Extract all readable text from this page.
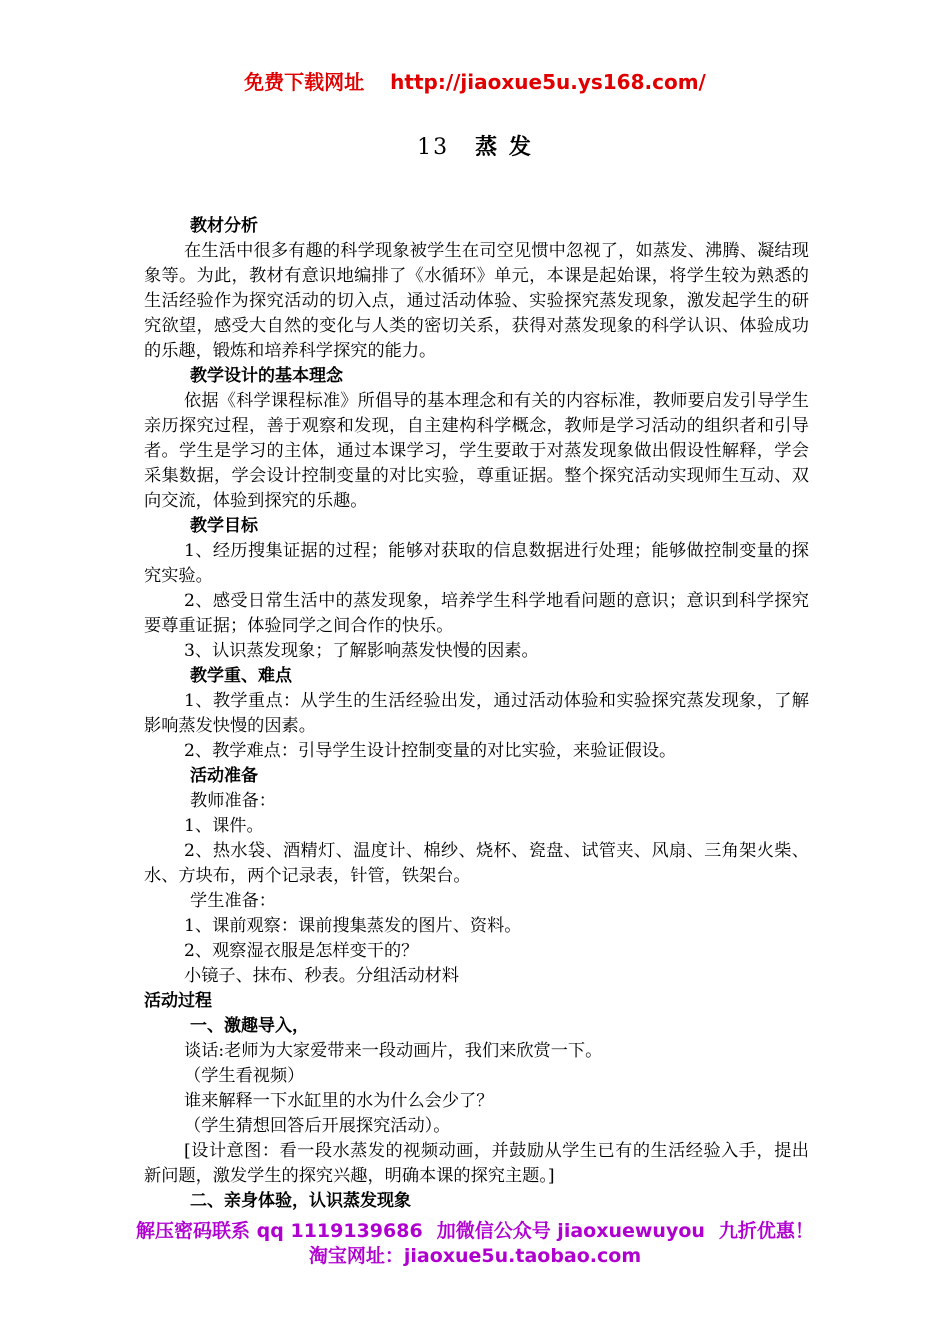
免费下载网址 http://jiaoxue5u.ys168.com/
13 蒸 发

教材分析

在生活中很多有趣的科学现象被学生在司空见惯中忽视了，如蒸发、沸腾、凝结现象等。为此，教材有意识地编排了《水循环》单元，本课是起始课，将学生较为熟悉的生活经验作为探究活动的切入点，通过活动体验、实验探究蒸发现象，激发起学生的研究欲望，感受大自然的变化与人类的密切关系，获得对蒸发现象的科学认识、体验成功的乐趣，锻炼和培养科学探究的能力。

教学设计的基本理念

依据《科学课程标准》所倡导的基本理念和有关的内容标准，教师要启发引导学生亲历探究过程，善于观察和发现，自主建构科学概念，教师是学习活动的组织者和引导者。学生是学习的主体，通过本课学习，学生要敢于对蒸发现象做出假设性解释，学会采集数据，学会设计控制变量的对比实验，尊重证据。整个探究活动实现师生互动、双向交流，体验到探究的乐趣。

教学目标

1、经历搜集证据的过程；能够对获取的信息数据进行处理；能够做控制变量的探究实验。

2、感受日常生活中的蒸发现象，培养学生科学地看问题的意识；意识到科学探究要尊重证据；体验同学之间合作的快乐。

3、认识蒸发现象；了解影响蒸发快慢的因素。

教学重、难点

1、教学重点：从学生的生活经验出发，通过活动体验和实验探究蒸发现象，了解影响蒸发快慢的因素。

2、教学难点：引导学生设计控制变量的对比实验，来验证假设。

活动准备

教师准备：

1、课件。

2、热水袋、酒精灯、温度计、棉纱、烧杯、瓷盘、试管夹、风扇、三角架火柴、水、方块布，两个记录表，针管，铁架台。

学生准备：

1、课前观察：课前搜集蒸发的图片、资料。

2、观察湿衣服是怎样变干的？

小镜子、抹布、秒表。分组活动材料

活动过程

一、激趣导入，

谈话:老师为大家爱带来一段动画片，我们来欣赏一下。

（学生看视频）

谁来解释一下水缸里的水为什么会少了？

（学生猜想回答后开展探究活动）。

[设计意图：看一段水蒸发的视频动画，并鼓励从学生已有的生活经验入手，提出新问题，激发学生的探究兴趣，明确本课的探究主题。]

二、亲身体验，认识蒸发现象

解压密码联系 qq 1119139686 加微信公众号 jiaoxuewuyou 九折优惠！
淘宝网址：jiaoxue5u.taobao.com
